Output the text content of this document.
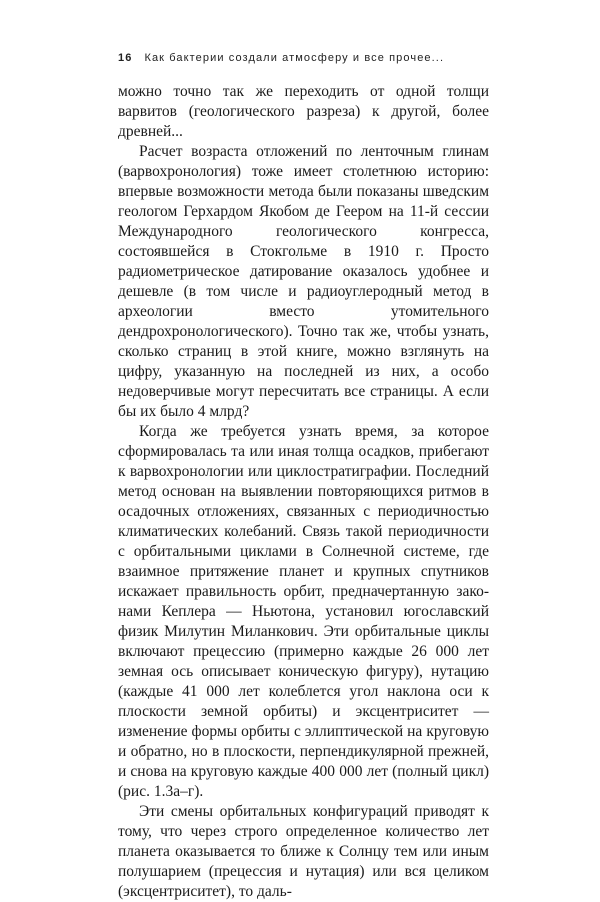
16 Как бактерии создали атмосферу и все прочее...

можно точно так же переходить от одной толщи варвитов (геологического разреза) к другой, более древней...

Расчет возраста отложений по ленточным глинам (варвохронология) тоже имеет столетнюю историю: впервые возможности метода были показаны шведским геологом Герхардом Якобом де Геером на 11-й сессии Международного геологического конгресса, состоявшейся в Стокгольме в 1910 г. Просто радиометрическое датирование оказалось удобнее и дешевле (в том числе и радиоуглеродный метод в археологии вместо утомительного дендрохронологического). Точно так же, чтобы узнать, сколько страниц в этой книге, можно взглянуть на цифру, указанную на последней из них, а особо недоверчивые могут пересчитать все страницы. А если бы их было 4 млрд?

Когда же требуется узнать время, за которое сформировалась та или иная толща осадков, прибегают к варвохронологии или циклостратиграфии. Последний метод основан на выявлении повторяющихся ритмов в осадочных отложениях, связанных с периодичностью климатических колебаний. Связь такой периодичности с орбитальными циклами в Солнечной системе, где взаимное притяжение планет и крупных спутников искажает правильность орбит, предначертанную законами Кеплера — Ньютона, установил югославский физик Милутин Миланкович. Эти орбитальные циклы включают прецессию (примерно каждые 26 000 лет земная ось описывает коническую фигуру), нутацию (каждые 41 000 лет колеблется угол наклона оси к плоскости земной орбиты) и эксцентриситет — изменение формы орбиты с эллиптической на круговую и обратно, но в плоскости, перпендикулярной прежней, и снова на круговую каждые 400 000 лет (полный цикл) (рис. 1.3а–г).

Эти смены орбитальных конфигураций приводят к тому, что через строго определенное количество лет планета оказывается то ближе к Солнцу тем или иным полушарием (прецессия и нутация) или вся целиком (эксцентриситет), то даль-
